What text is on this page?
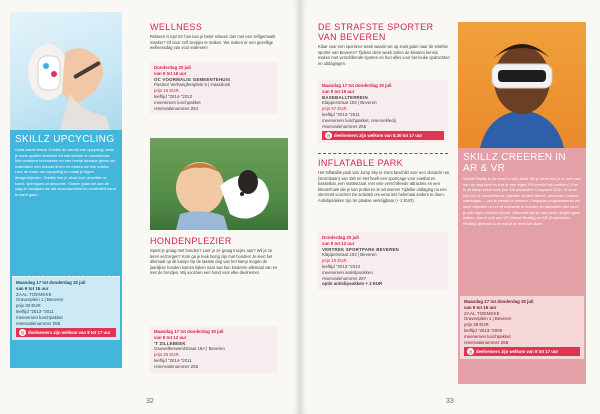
SKILLZ UPCYCLING
Ouds wordt nieuw! Ontdek de wereld van upcycling, waar je oude spullen omtovert tot iets nieuws en waardevols. Met creatieve technieken en een beetje fantasie geven we materialen een tweede leven en maken we iets unieks. Leer de basis van upcycling en maak je eigen designobjecten. Ontdek hoe je afval kunt omzetten in kunst, speelgoed of decoratie. Samen gaan we aan de slag en bewijzen we dat duurzaamheid en creativiteit hand in hand gaan.
Maandag 17 tot donderdag 20 juli
van 9 tot 16 uur
ZAAL TOEMEKE
Gravenplein 1 | Beveren
prijs 30 EUR
leeftijd "2013-"2011
meenemen lunchpakket
reservatienummer Z68
◷ doelnemers zijn welkom van 8 tot 17 uur
WELLNESS
Relaxen is top! En hoe kan je beter relaxen dan met een zelfgemaakt masker? Of door zelf zeepjes te maken. We maken er een gezellige wellnessdag van voor iedereen!
Donderdag 20 juli
van 9 tot 16 uur
OC VOORMALIG GEMEENTEHUIS
Pastoor Verhaeghenplein 5 | Haasdonk
prijs 18 EUR
leeftijd "2014-"2012
meenemen lunchpakket
reservatienummer Z64
HONDENPLEZIER
Speel je graag met honden? Leer je ze graag trucjes aan? Wil je ze leren verzorgen? Kom ga je leuk bezig zijn met honden! Je leert het allemaal op dit kamp! Op de laatste dag van het kamp mogen de jaarlijkse honden komen kijken naar wat hun kinderen allemaal van en met de hondjes. Wij voorzien een hond voor elke deelnemer.
Maandag 17 tot donderdag 20 juli
van 9 tot 12 uur
'T ZILLEBEEK
Gauwelkeswerdstraat 18A | Beveren
prijs 25 EUR
leeftijd "2014-"2011
reservatienummer Z65
32	33
DE STRAFSTE SPORTER VAN BEVEREN
Klaar voor een sportieve week waarin we op zoek gaan naar de strafste sporter van Beveren? Tijdens deze week zullen de kleuters kennis maken met verschillende sporten en hun alles voor het leuke opdrachten en uitdagingen.
Maandag 17 tot donderdag 20 juli
van 9 tot 16 uur
BASEBALLTERREIN
Klapperstraat 103 | Beveren
prijs 67 EUR
leeftijd "2013-"2011
meenemen lunchpakket, reservekledij
reservatienummer Z66
◷ deelnemers zijn welkom van 8.30 tot 17 uur
INFLATABLE PARK
Het Inflatable park van Jump Sky te Gent beschikt over een obstacle run (stormbaan) van 150 m! Het heeft een sportcage voor voetbal en basketbal, een mattenzaal, met vele verschillende attracties en een kleuterhoek die je kan proberen te veroveren! Tijdelke uitdaging na een sterrenrit voorziet! De activiteit om eens iets helemaal anders te doen. Antislipsokken zijn ter plaatse verkrijgbaar (+ 2 EUR).
Donderdag 20 juli
van 9 tot 12 uur
VERTREK SPORTPARK BEVEREN
Klapperstraat 103 | Beveren
prijs 19 EUR
leeftijd "2013-"2010
meenemen antislipsokken
reservatienummer Z67
optie antislipsokken + 2 EUR
SKILLZ CREEREN IN AR & VR
Virtual Reality is de trend in tech-land! Wil je leren hoe je er zelf mee aan de slag kunt en hoe je een eigen VR-wereld kan creëren? Dan is dit kamp zeker voor jou! We ontdekken Cospaces EDU. In deze tool kun je verschillende objecten vinden: dieren, personen, huizen, voertuigen … om je wereld te creëren. Cospaces programmeren we onze objecten om ze te interactie te kunnen en aanvullen dan vond je ook eigen virtuele wereld. Uiteraard kijk je naar onze dingen gaan maken, kan je ook wat VR (Virtual Reality) en AR (Augmented Reality) allemaal is en wat je er mee kan doen.
Maandag 17 tot donderdag 20 juli
van 9 tot 16 uur
ZAAL TOEMEKE
Gravenplein 1 | Beveren
prijs 38 EUR
leeftijd "2013-"2009
meenemen lunchpakket
reservatienummer Z68
◷ deelnemers zijn welkom van 8 tot 17 uur
